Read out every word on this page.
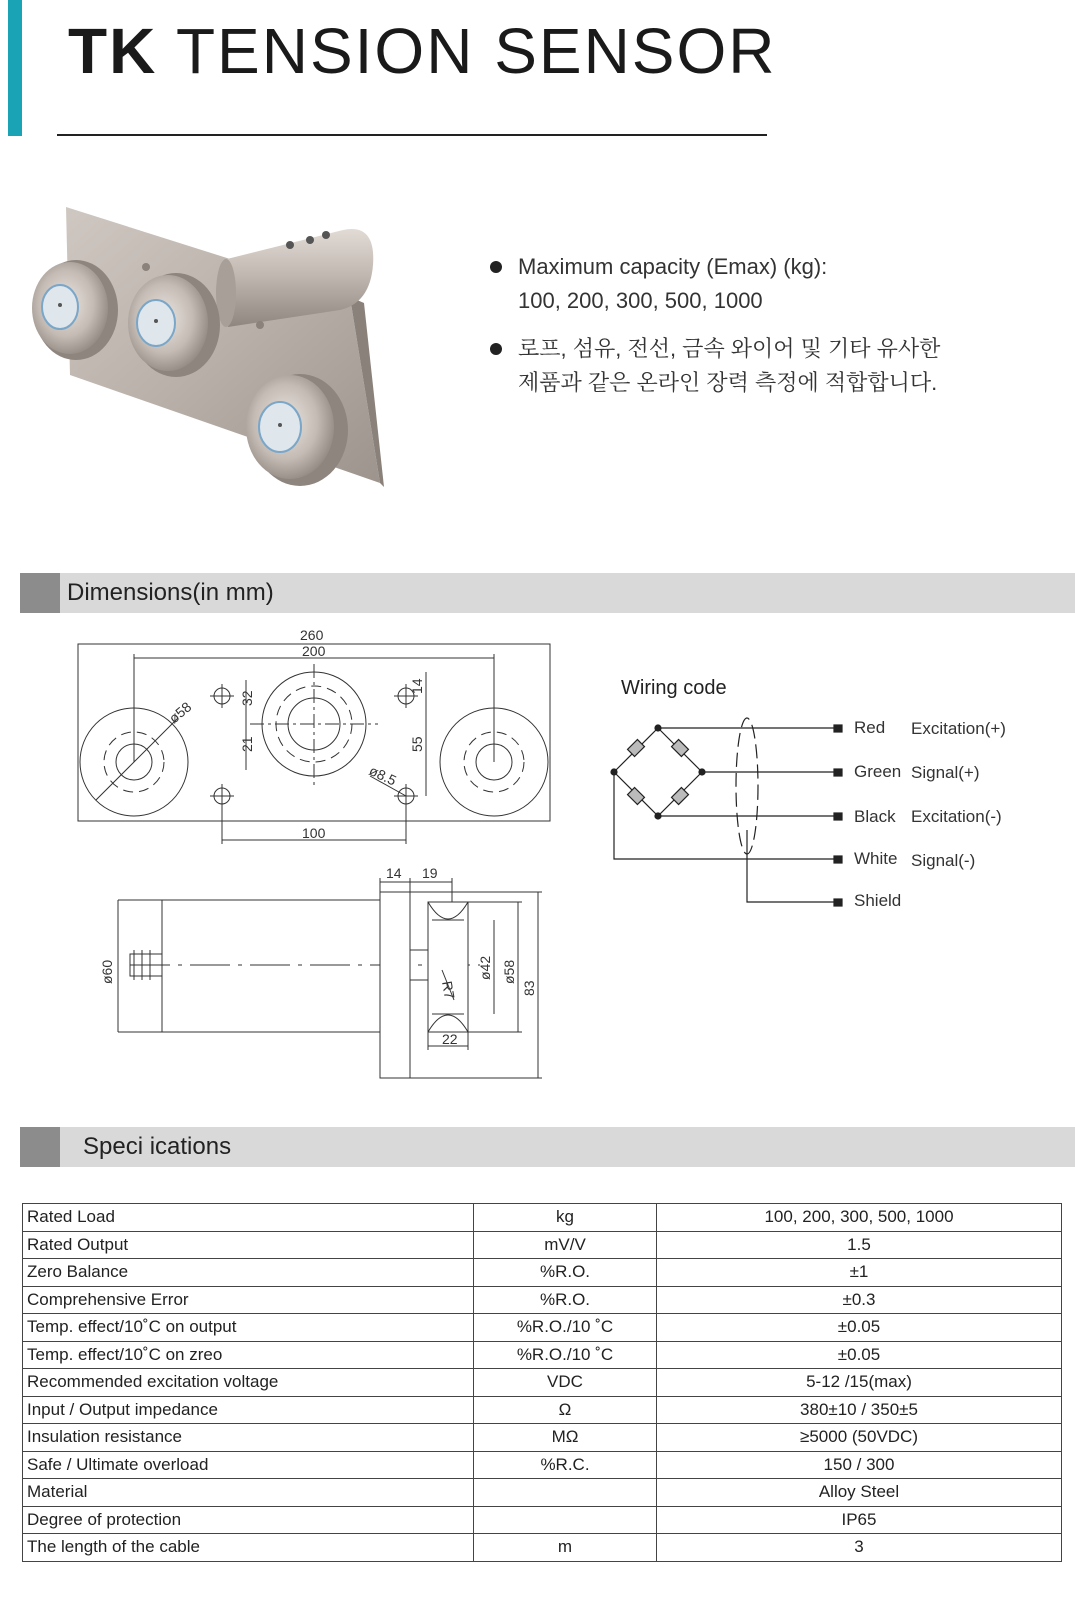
TK TENSION SENSOR
Maximum capacity (Emax) (kg):
100, 200, 300, 500, 1000
로프, 섬유, 전선, 금속 와이어 및 기타 유사한
제품과 같은 온라인 장력 측정에 적합합니다.
Dimensions(in mm)
260
200
ø58
32
21	55
14
ø8.5
100
ø60
14 19
ø42 ø58
83
R7
22
Wiring code
Red Excitation(+)
Green Signal(+)
Black Excitation(-)
White Signal(-)
Shield
Speci ications
Rated Load	kg	100, 200, 300, 500, 1000
Rated Output	mV/V	1.5
Zero Balance	%R.O.	±1
Comprehensive Error	%R.O.	±0.3
Temp. effect/10˚C on output	%R.O./10 ˚C	±0.05
Temp. effect/10˚C on zreo	%R.O./10 ˚C	±0.05
Recommended excitation voltage	VDC	5-12 /15(max)
Input / Output impedance	Ω	380±10 / 350±5
Insulation resistance	MΩ	≥5000 (50VDC)
Safe / Ultimate overload	%R.C.	150 / 300
Material		Alloy Steel
Degree of protection		IP65
The length of the cable	m	3
